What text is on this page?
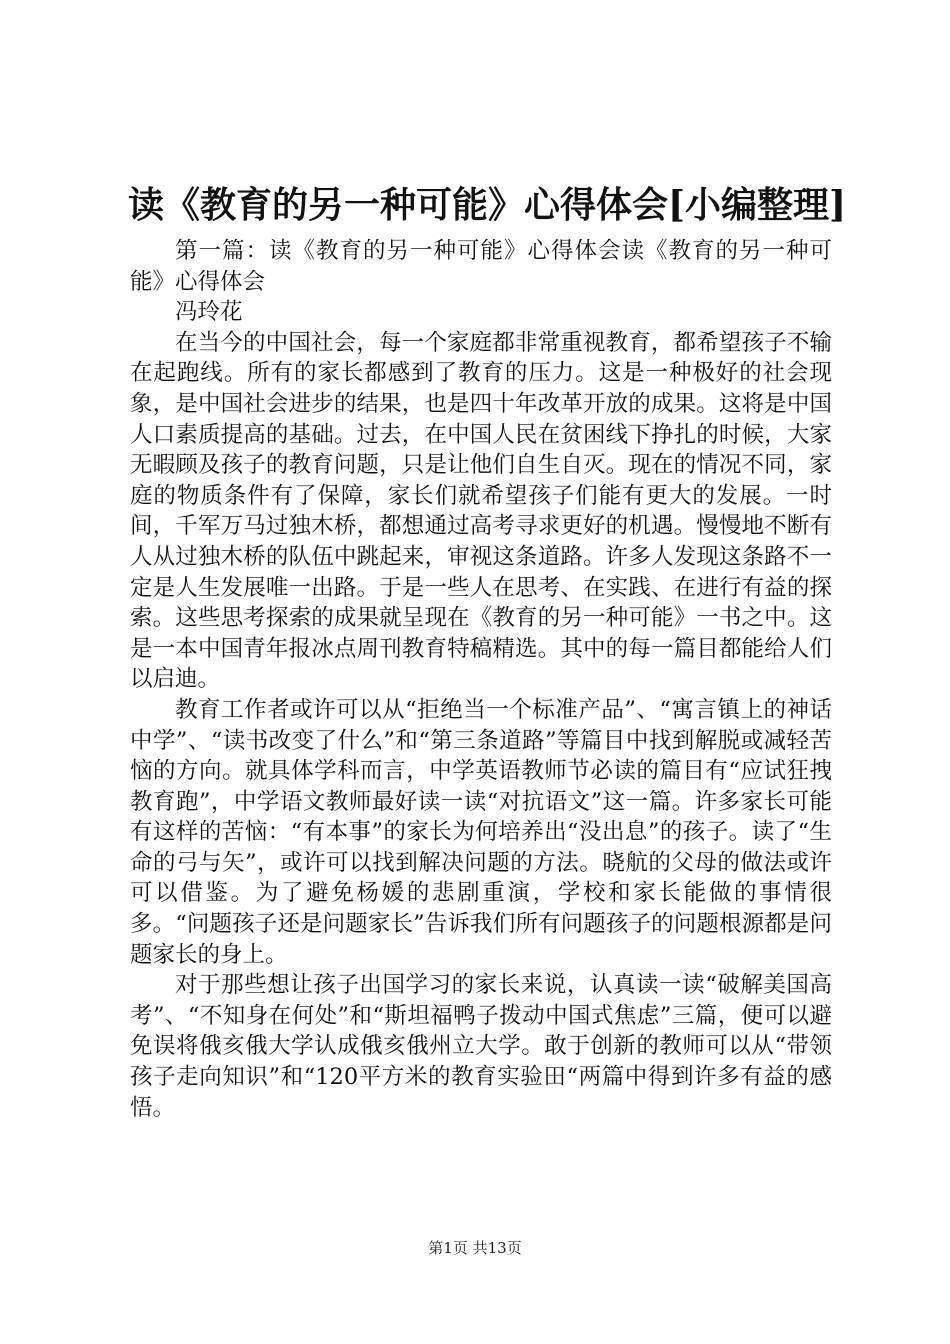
读《教育的另一种可能》心得体会[小编整理]

第一篇：读《教育的另一种可能》心得体会读《教育的另一种可能》心得体会

冯玲花

在当今的中国社会，每一个家庭都非常重视教育，都希望孩子不输在起跑线。所有的家长都感到了教育的压力。这是一种极好的社会现象，是中国社会进步的结果，也是四十年改革开放的成果。这将是中国人口素质提高的基础。过去，在中国人民在贫困线下挣扎的时候，大家无暇顾及孩子的教育问题，只是让他们自生自灭。现在的情况不同，家庭的物质条件有了保障，家长们就希望孩子们能有更大的发展。一时间，千军万马过独木桥，都想通过高考寻求更好的机遇。慢慢地不断有人从过独木桥的队伍中跳起来，审视这条道路。许多人发现这条路不一定是人生发展唯一出路。于是一些人在思考、在实践、在进行有益的探索。这些思考探索的成果就呈现在《教育的另一种可能》一书之中。这是一本中国青年报冰点周刊教育特稿精选。其中的每一篇目都能给人们以启迪。

教育工作者或许可以从“拒绝当一个标准产品”、“寓言镇上的神话中学”、“读书改变了什么”和“第三条道路”等篇目中找到解脱或减轻苦恼的方向。就具体学科而言，中学英语教师节必读的篇目有“应试狂拽教育跑”，中学语文教师最好读一读“对抗语文”这一篇。许多家长可能有这样的苦恼：“有本事”的家长为何培养出“没出息”的孩子。读了“生命的弓与矢”，或许可以找到解决问题的方法。晓航的父母的做法或许可以借鉴。为了避免杨媛的悲剧重演，学校和家长能做的事情很多。“问题孩子还是问题家长”告诉我们所有问题孩子的问题根源都是问题家长的身上。

对于那些想让孩子出国学习的家长来说，认真读一读“破解美国高考”、“不知身在何处”和“斯坦福鸭子拨动中国式焦虑”三篇，便可以避免误将俄亥俄大学认成俄亥俄州立大学。敢于创新的教师可以从“带领孩子走向知识”和“120平方米的教育实验田“两篇中得到许多有益的感悟。

第1页 共13页
